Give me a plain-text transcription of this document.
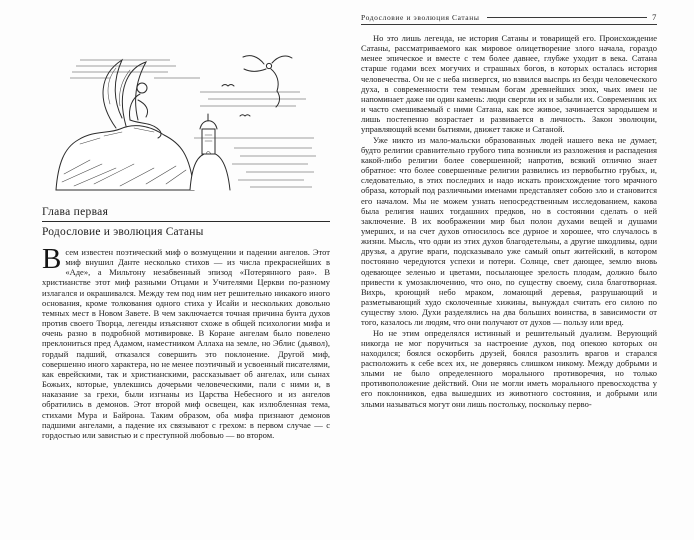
Глава первая
Родословие и эволюция Сатаны

Всем известен поэтический миф о возмущении и падении ангелов. Этот миф внушил Данте несколько стихов — из числа прекраснейших в «Аде», а Мильтону незабвенный эпизод «Потерянного рая». В христианстве этот миф разными Отцами и Учителями Церкви по-разному излагался и окрашивался. Между тем под ним нет решительно никакого иного основания, кроме толкования одного стиха у Исайи и нескольких довольно темных мест в Новом Завете. В чем заключается точная причина бунта духов против своего Творца, легенды изъясняют схоже в общей психологии мифа и очень разно в подробной мотивировке. В Коране ангелам было повелено преклониться пред Адамом, наместником Аллаха на земле, но Эблис (дьявол), гордый падший, отказался совершить это поклонение. Другой миф, совершенно иного характера, но не менее поэтичный и усвоенный писателями, как еврейскими, так и христианскими, рассказывает об ангелах, или сынах Божьих, которые, увлекшись дочерьми человеческими, пали с ними и, в наказание за грехи, были изгнаны из Царства Небесного и из ангелов обратились в демонов. Этот второй миф освещен, как излюбленная тема, стихами Мура и Байрона. Таким образом, оба мифа признают демонов падшими ангелами, а падение их связывают с грехом: в первом случае — с гордостью или завистью и с преступной любовью — во втором.

Родословие и эволюция Сатаны	7

Но это лишь легенда, не история Сатаны и товарищей его. Происхождение Сатаны, рассматриваемого как мировое олицетворение злого начала, гораздо менее эпическое и вместе с тем более давнее, глубже уходит в века. Сатана старше годами всех могучих и страшных богов, в которых осталась история человечества. Он не с неба низвергся, но взвился выспрь из бездн человеческого духа, в современности тем темным богам древнейших эпох, чьих имен не напоминает даже ни один камень: люди свергли их и забыли их. Современник их и часто смешиваемый с ними Сатана, как все живое, зачинается зародышем и лишь постепенно возрастает и развивается в личность. Закон эволюции, управляющий всеми бытиями, движет также и Сатаной.

Уже никто из мало-мальски образованных людей нашего века не думает, будто религии сравнительно грубого типа возникли из разложения и распадения какой-либо религии более совершенной; напротив, всякий отлично знает обратное: что более совершенные религии развились из первобытно грубых, и, следовательно, в этих последних и надо искать происхождение того мрачного образа, который под различными именами представляет собою зло и становится его началом. Мы не можем узнать непосредственным исследованием, какова была религия наших тогдашних предков, но в состоянии сделать о ней заключение. В их воображении мир был полон духами вещей и душами умерших, и на счет духов относилось все дурное и хорошее, что случалось в жизни. Мысль, что одни из этих духов благодетельны, а другие шкодливы, одни друзья, а другие враги, подсказывало уже самый опыт житейский, в котором постоянно чередуются успехи и потери. Солнце, свет дающее, землю вновь одевающее зеленью и цветами, посылающее зрелость плодам, должно было привести к умозаключению, что оно, по существу своему, сила благотворная. Вихрь, кроющий небо мраком, ломающий деревья, разрушающий и разметывающий худо сколоченные хижины, вынуждал считать его силою по существу злою. Духи разделялись на два больших воинства, в зависимости от того, казалось ли людям, что они получают от духов — пользу или вред.

Но не этим определялся истинный и решительный дуализм. Верующий никогда не мог поручиться за настроение духов, под опекою которых он находился; боялся оскорбить друзей, боялся разозлить врагов и старался расположить к себе всех их, не доверяясь слишком никому. Между добрыми и злыми не было определенного морального противоречия, но только противоположение действий. Они не могли иметь морального превосходства у его поклонников, едва вышедших из животного состояния, и добрыми или злыми называться могут они лишь постольку, поскольку перво-
